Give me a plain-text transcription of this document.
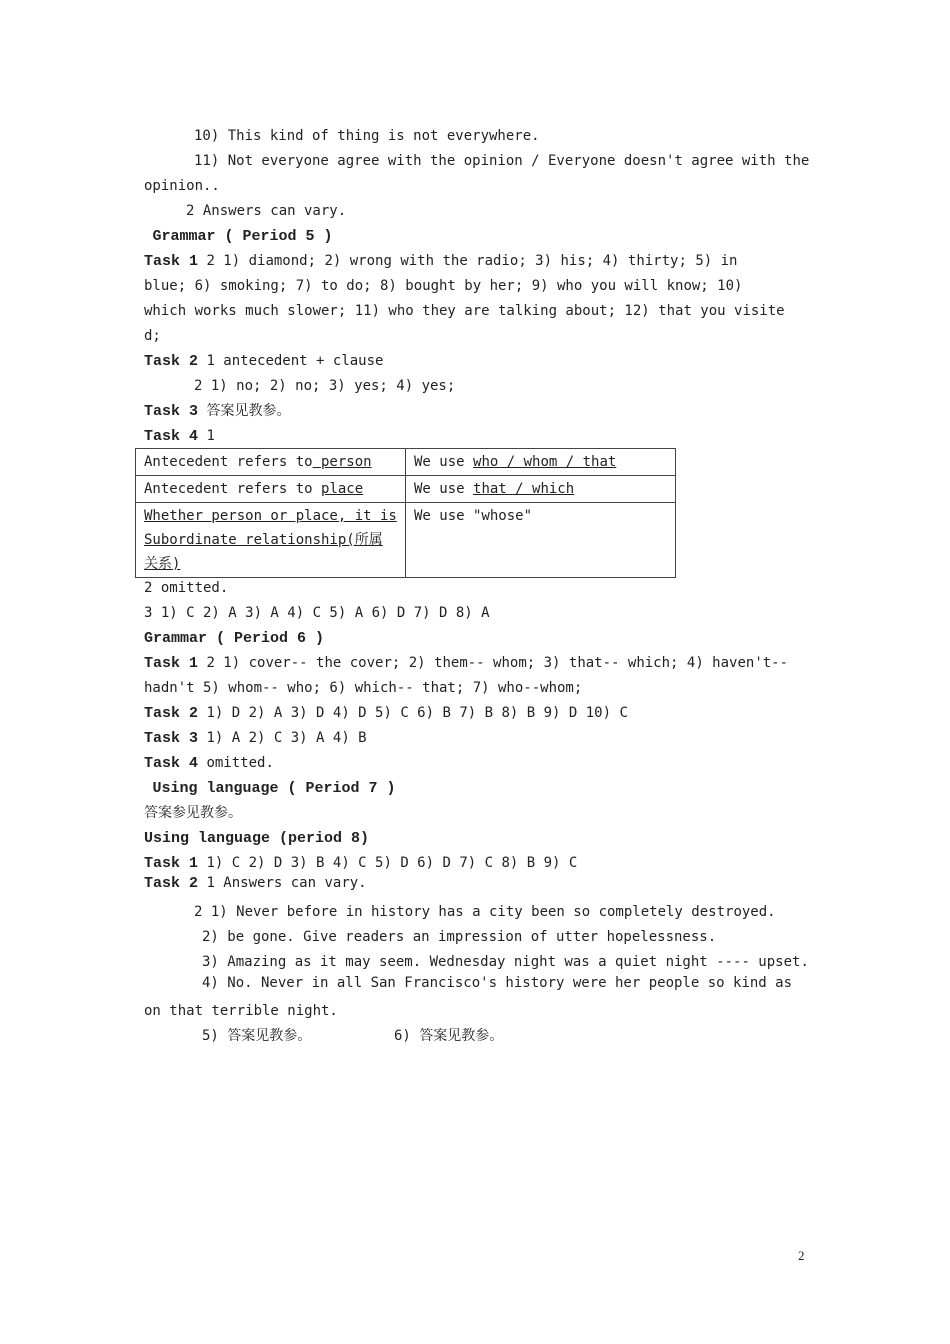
10) This kind of thing is not everywhere.
11) Not everyone agree with the opinion / Everyone doesn't agree with the
opinion..
2 Answers can vary.
Grammar ( Period 5 )
Task 1 2 1) diamond; 2) wrong with the radio; 3) his; 4) thirty; 5) in
blue; 6) smoking; 7) to do; 8) bought by her; 9) who you will know; 10)
which works much slower; 11) who they are talking about; 12) that you visite
d;
Task 2 1 antecedent + clause
2 1) no; 2) no; 3) yes; 4) yes;
Task 3 答案见教参。
Task 4 1
Antecedent refers to person	We use who / whom / that
Antecedent refers to place	We use that / which
Whether person or place, it is
Subordinate relationship(所属
关系)	We use "whose"
2 omitted.
3 1) C 2) A 3) A 4) C 5) A 6) D 7) D 8) A
Grammar ( Period 6 )
Task 1 2 1) cover-- the cover; 2) them-- whom; 3) that-- which; 4) haven't--
hadn't 5) whom-- who; 6) which-- that; 7) who--whom;
Task 2 1) D 2) A 3) D 4) D 5) C 6) B 7) B 8) B 9) D 10) C
Task 3 1) A 2) C 3) A 4) B
Task 4 omitted.
Using language ( Period 7 )
答案参见教参。
Using language (period 8)
Task 1 1) C 2) D 3) B 4) C 5) D 6) D 7) C 8) B 9) C
Task 2 1 Answers can vary.
2 1) Never before in history has a city been so completely destroyed.
2) be gone. Give readers an impression of utter hopelessness.
3) Amazing as it may seem. Wednesday night was a quiet night ---- upset.
4) No. Never in all San Francisco's history were her people so kind as
on that terrible night.
5) 答案见教参。	6) 答案见教参。
2
